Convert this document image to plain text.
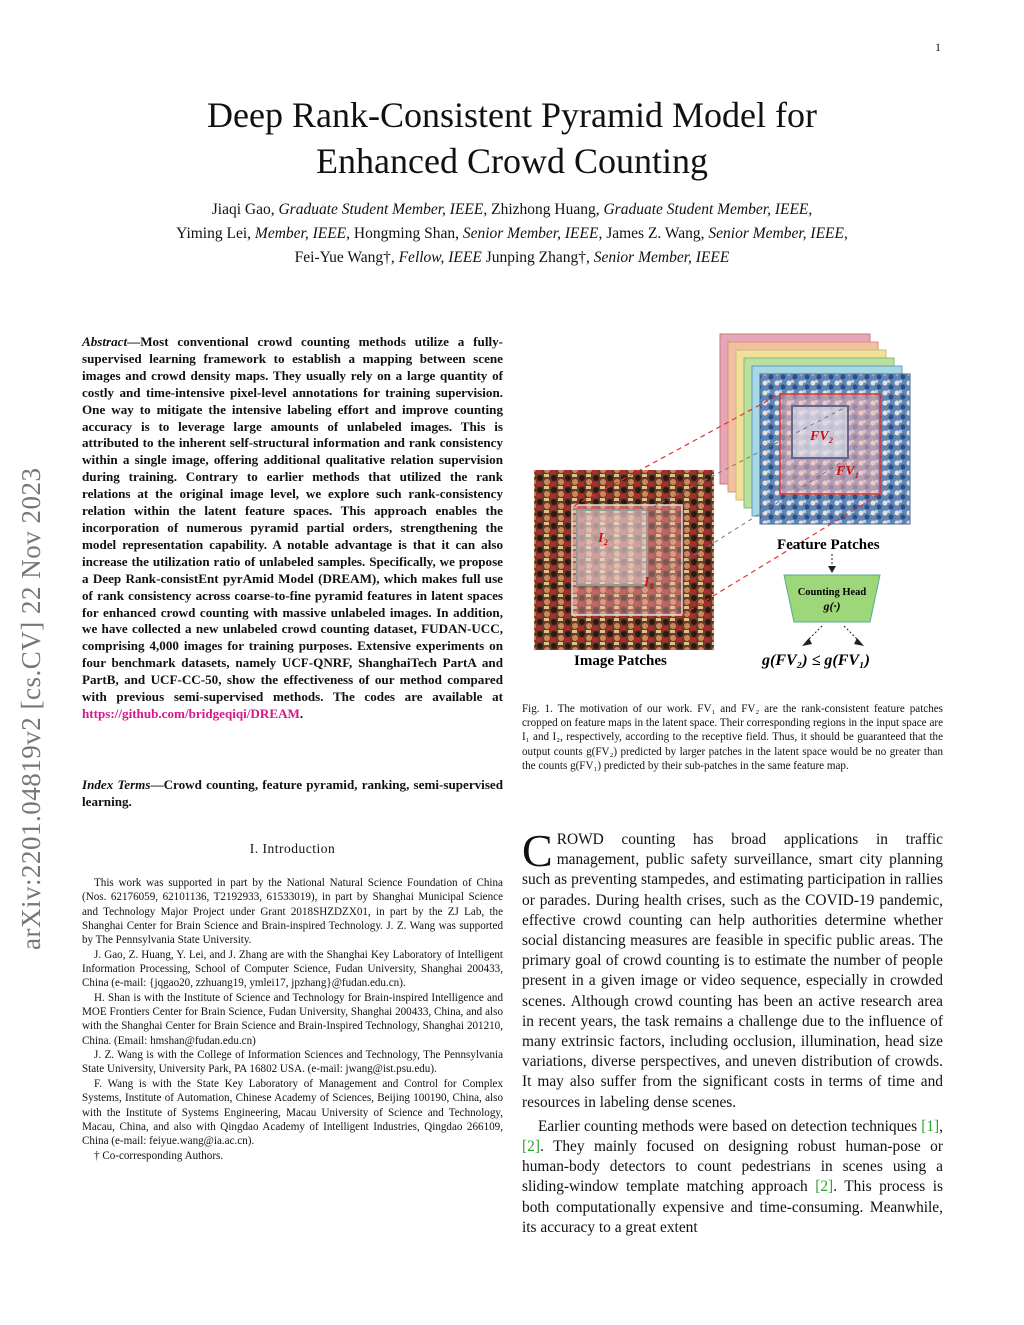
1
Deep Rank-Consistent Pyramid Model for
Enhanced Crowd Counting
Jiaqi Gao, Graduate Student Member, IEEE, Zhizhong Huang, Graduate Student Member, IEEE,
Yiming Lei, Member, IEEE, Hongming Shan, Senior Member, IEEE, James Z. Wang, Senior Member, IEEE,
Fei-Yue Wang†, Fellow, IEEE Junping Zhang†, Senior Member, IEEE
arXiv:2201.04819v2 [cs.CV] 22 Nov 2023
Abstract—Most conventional crowd counting methods utilize a fully-supervised learning framework to establish a mapping between scene images and crowd density maps. They usually rely on a large quantity of costly and time-intensive pixel-level annotations for training supervision. One way to mitigate the intensive labeling effort and improve counting accuracy is to leverage large amounts of unlabeled images. This is attributed to the inherent self-structural information and rank consistency within a single image, offering additional qualitative relation supervision during training. Contrary to earlier methods that utilized the rank relations at the original image level, we explore such rank-consistency relation within the latent feature spaces. This approach enables the incorporation of numerous pyramid partial orders, strengthening the model representation capability. A notable advantage is that it can also increase the utilization ratio of unlabeled samples. Specifically, we propose a Deep Rank-consistEnt pyrAmid Model (DREAM), which makes full use of rank consistency across coarse-to-fine pyramid features in latent spaces for enhanced crowd counting with massive unlabeled images. In addition, we have collected a new unlabeled crowd counting dataset, FUDAN-UCC, comprising 4,000 images for training purposes. Extensive experiments on four benchmark datasets, namely UCF-QNRF, ShanghaiTech PartA and PartB, and UCF-CC-50, show the effectiveness of our method compared with previous semi-supervised methods. The codes are available at https://github.com/bridgeqiqi/DREAM.
Index Terms—Crowd counting, feature pyramid, ranking, semi-supervised learning.
I. Introduction

This work was supported in part by the National Natural Science Foundation of China (Nos. 62176059, 62101136, T2192933, 61533019), in part by Shanghai Municipal Science and Technology Major Project under Grant 2018SHZDZX01, in part by the ZJ Lab, the Shanghai Center for Brain Science and Brain-inspired Technology. J. Z. Wang was supported by The Pennsylvania State University.

J. Gao, Z. Huang, Y. Lei, and J. Zhang are with the Shanghai Key Laboratory of Intelligent Information Processing, School of Computer Science, Fudan University, Shanghai 200433, China (e-mail: {jqgao20, zzhuang19, ymlei17, jpzhang}@fudan.edu.cn).

H. Shan is with the Institute of Science and Technology for Brain-inspired Intelligence and MOE Frontiers Center for Brain Science, Fudan University, Shanghai 200433, China, and also with the Shanghai Center for Brain Science and Brain-Inspired Technology, Shanghai 201210, China. (Email: hmshan@fudan.edu.cn)

J. Z. Wang is with the College of Information Sciences and Technology, The Pennsylvania State University, University Park, PA 16802 USA. (e-mail: jwang@ist.psu.edu).

F. Wang is with the State Key Laboratory of Management and Control for Complex Systems, Institute of Automation, Chinese Academy of Sciences, Beijing 100190, China, also with the Institute of Systems Engineering, Macau University of Science and Technology, Macau, China, and also with Qingdao Academy of Intelligent Industries, Qingdao 266109, China (e-mail: feiyue.wang@ia.ac.cn).

† Co-corresponding Authors.

FV₂
FV₁
I₂
I₁
Feature Patches
Counting Head
g(·)
Image Patches	g(FV₂) ≤ g(FV₁)
Fig. 1. The motivation of our work. FV₁ and FV₂ are the rank-consistent feature patches cropped on feature maps in the latent space. Their corresponding regions in the input space are I₁ and I₂, respectively, according to the receptive field. Thus, it should be guaranteed that the output counts g(FV₂) predicted by larger patches in the latent space would be no greater than the counts g(FV₁) predicted by their sub-patches in the same feature map.

CROWD counting has broad applications in traffic management, public safety surveillance, smart city planning such as preventing stampedes, and estimating participation in rallies or parades. During health crises, such as the COVID-19 pandemic, effective crowd counting can help authorities determine whether social distancing measures are feasible in specific public areas. The primary goal of crowd counting is to estimate the number of people present in a given image or video sequence, especially in crowded scenes. Although crowd counting has been an active research area in recent years, the task remains a challenge due to the influence of many extrinsic factors, including occlusion, illumination, head size variations, diverse perspectives, and uneven distribution of crowds. It may also suffer from the significant costs in terms of time and resources in labeling dense scenes.

Earlier counting methods were based on detection techniques [1], [2]. They mainly focused on designing robust human-pose or human-body detectors to count pedestrians in scenes using a sliding-window template matching approach [2]. This process is both computationally expensive and time-consuming. Meanwhile, its accuracy to a great extent
